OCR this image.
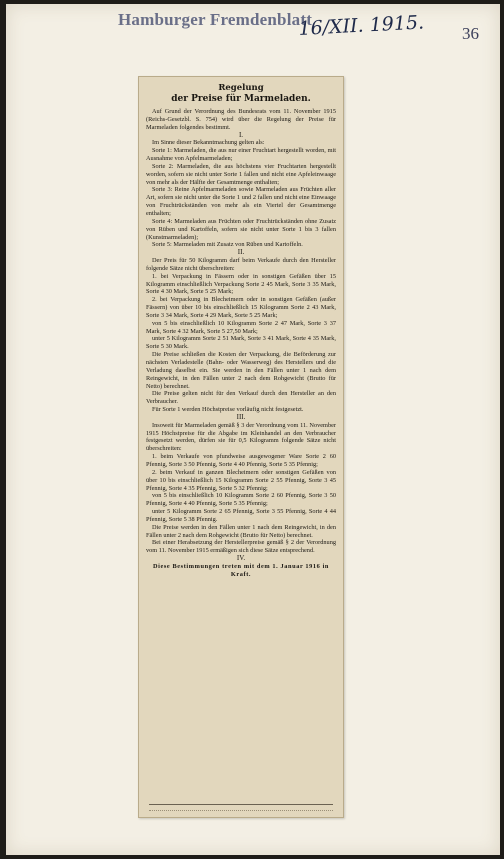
Hamburger Fremdenblatt
16/XII. 1915. 36

Regelung

der Preise für Marmeladen.

Auf Grund der Verordnung des Bundesrats vom 11. November 1915 (Reichs-Gesetzbl. S. 754) wird über die Regelung der Preise für Marmeladen folgendes bestimmt.

I.

Im Sinne dieser Bekanntmachung gelten als:

Sorte 1: Marmeladen, die aus nur einer Fruchtart hergestellt worden, mit Ausnahme von Apfelmarmeladen;

Sorte 2: Marmeladen, die aus höchstens vier Fruchtarten hergestellt worden, sofern sie nicht unter Sorte 1 fallen und nicht eine Apfeleinwaage von mehr als der Hälfte der Gesamtmenge enthalten;

Sorte 3: Reine Apfelmarmeladen sowie Marmeladen aus Früchten aller Art, sofern sie nicht unter die Sorte 1 und 2 fallen und nicht eine Einwaage von Fruchtrückständen von mehr als ein Viertel der Gesamtmenge enthalten;

Sorte 4: Marmeladen aus Früchten oder Fruchtrückständen ohne Zusatz von Rüben und Kartoffeln, sofern sie nicht unter Sorte 1 bis 3 fallen (Kunstmarmeladen);

Sorte 5: Marmeladen mit Zusatz von Rüben und Kartoffeln.

II.

Der Preis für 50 Kilogramm darf beim Verkaufe durch den Hersteller folgende Sätze nicht überschreiten:

1. bei Verpackung in Fässern oder in sonstigen Gefäßen über 15 Kilogramm einschließlich Verpackung Sorte 2 45 Mark, Sorte 3 35 Mark, Sorte 4 30 Mark, Sorte 5 25 Mark;

2. bei Verpackung in Blecheimern oder in sonstigen Gefäßen (außer Fässern) von über 10 bis einschließlich 15 Kilogramm Sorte 2 43 Mark, Sorte 3 34 Mark, Sorte 4 29 Mark, Sorte 5 25 Mark;

von 5 bis einschließlich 10 Kilogramm Sorte 2 47 Mark, Sorte 3 37 Mark, Sorte 4 32 Mark, Sorte 5 27,50 Mark;

unter 5 Kilogramm Sorte 2 51 Mark, Sorte 3 41 Mark, Sorte 4 35 Mark, Sorte 5 30 Mark.

Die Preise schließen die Kosten der Verpackung, die Beförderung zur nächsten Verladestelle (Bahn- oder Wasserweg) des Herstellers und die Verladung daselbst ein. Sie werden in den Fällen unter 1 nach dem Reingewicht, in den Fällen unter 2 nach dem Rohgewicht (Brutto für Netto) berechnet.

Die Preise gelten nicht für den Verkauf durch den Hersteller an den Verbraucher.

Für Sorte 1 werden Höchstpreise vorläufig nicht festgesetzt.

III.

Insoweit für Marmeladen gemäß § 3 der Verordnung vom 11. November 1915 Höchstpreise für die Abgabe im Kleinhandel an den Verbraucher festgesetzt werden, dürfen sie für 0,5 Kilogramm folgende Sätze nicht überschreiten:

1. beim Verkaufe von pfundweise ausgewogener Ware Sorte 2 60 Pfennig, Sorte 3 50 Pfennig, Sorte 4 40 Pfennig, Sorte 5 35 Pfennig;

2. beim Verkauf in ganzen Blecheimern oder sonstigen Gefäßen von über 10 bis einschließlich 15 Kilogramm Sorte 2 55 Pfennig, Sorte 3 45 Pfennig, Sorte 4 35 Pfennig, Sorte 5 32 Pfennig;

von 5 bis einschließlich 10 Kilogramm Sorte 2 60 Pfennig, Sorte 3 50 Pfennig, Sorte 4 40 Pfennig, Sorte 5 35 Pfennig;

unter 5 Kilogramm Sorte 2 65 Pfennig, Sorte 3 55 Pfennig, Sorte 4 44 Pfennig, Sorte 5 38 Pfennig.

Die Preise werden in den Fällen unter 1 nach dem Reingewicht, in den Fällen unter 2 nach dem Rohgewicht (Brutto für Netto) berechnet.

Bei einer Herabsetzung der Herstellerpreise gemäß § 2 der Verordnung vom 11. November 1915 ermäßigen sich diese Sätze entsprechend.

IV.

Diese Bestimmungen treten mit dem 1. Januar 1916 in Kraft.
